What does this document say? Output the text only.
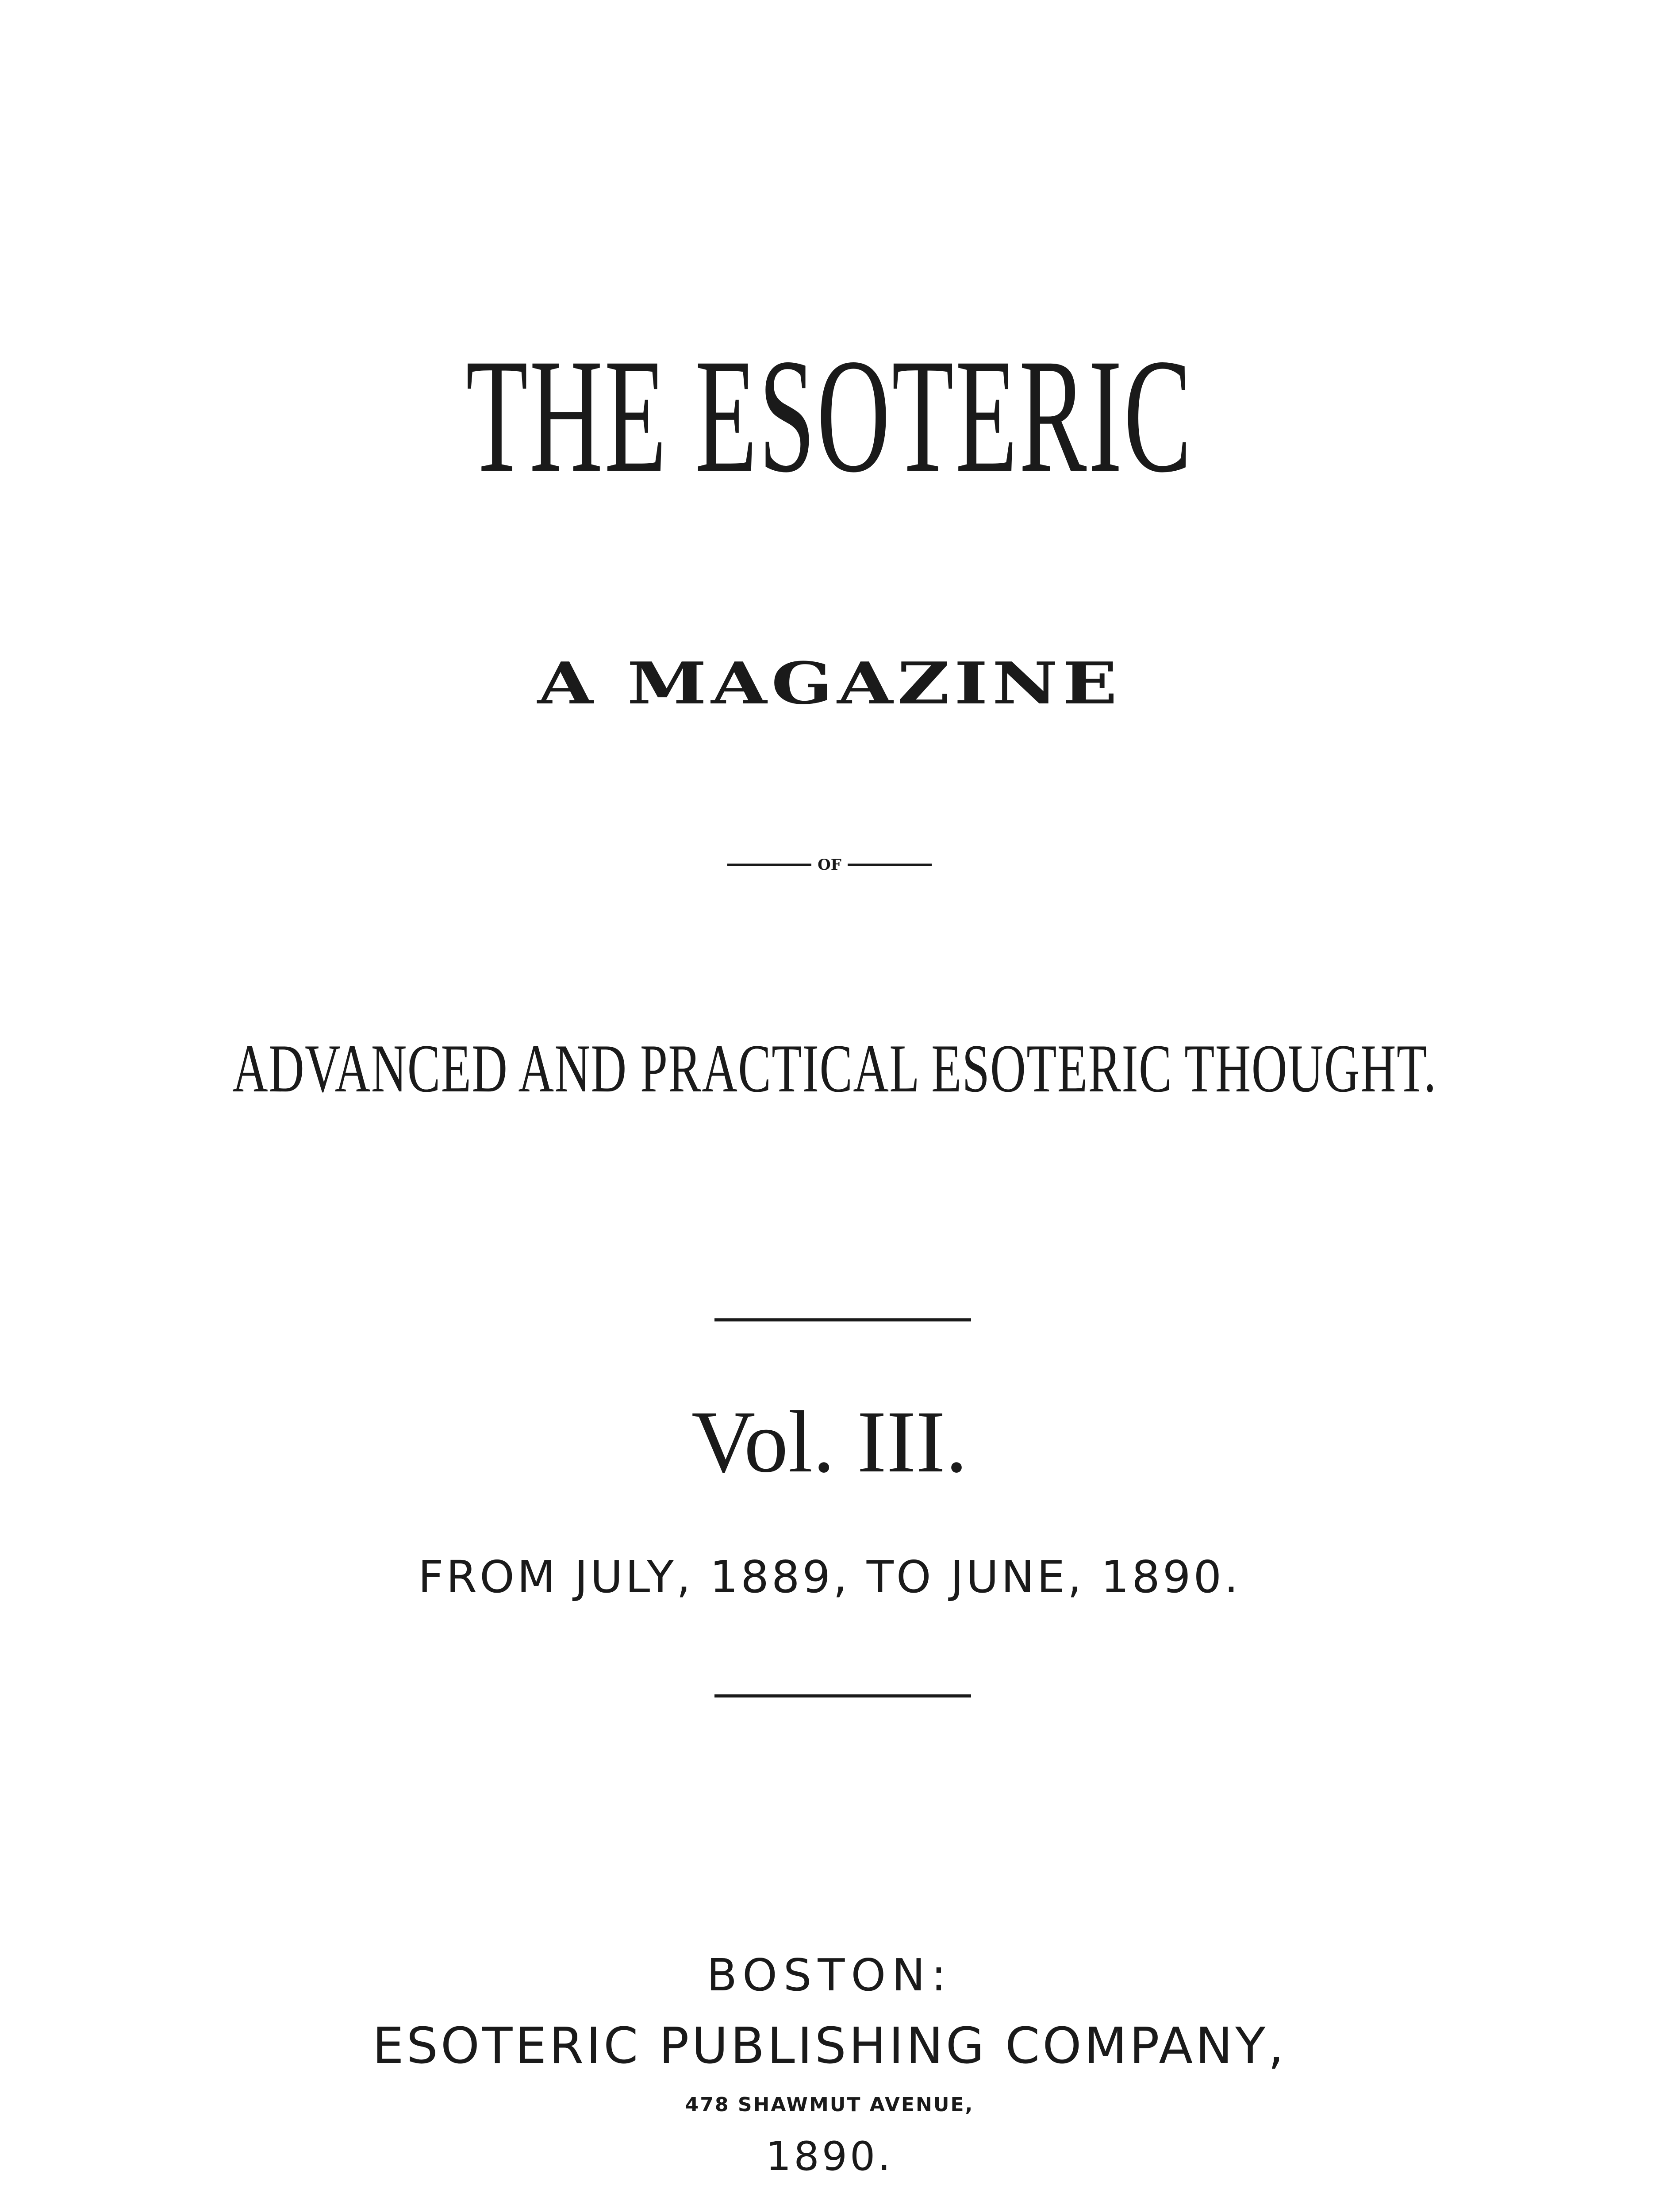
THE ESOTERIC
A MAGAZINE
OF
ADVANCED AND PRACTICAL ESOTERIC THOUGHT.
Vol. III.
FROM JULY, 1889, TO JUNE, 1890.
BOSTON:
ESOTERIC PUBLISHING COMPANY,
478 SHAWMUT AVENUE,
1890.
